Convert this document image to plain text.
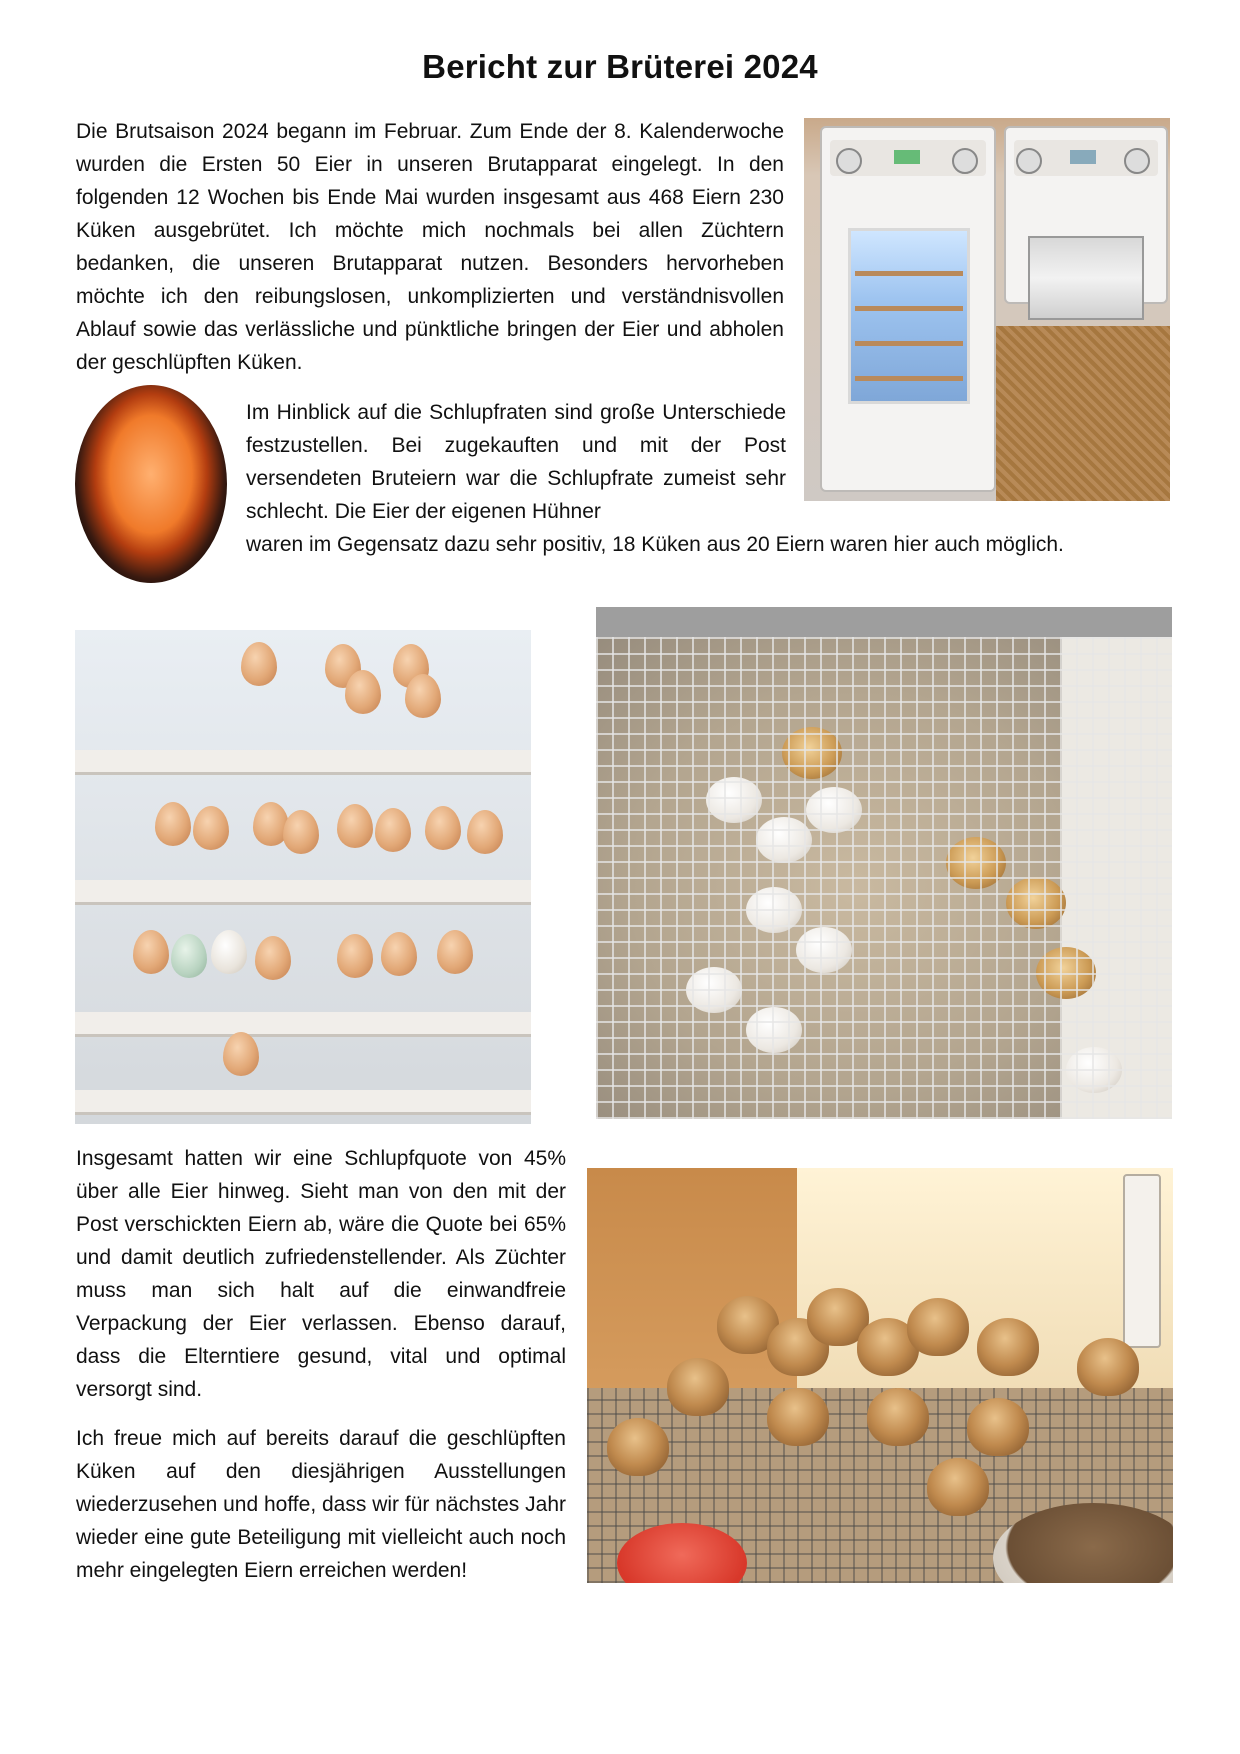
Bericht zur Brüterei 2024

Die Brutsaison 2024 begann im Februar. Zum Ende der 8. Kalenderwoche wurden die Ersten 50 Eier in unseren Brutapparat eingelegt. In den folgenden 12 Wochen bis Ende Mai wurden insgesamt aus 468 Eiern 230 Küken ausgebrütet. Ich möchte mich nochmals bei allen Züchtern bedanken, die unseren Brutapparat nutzen. Besonders hervorheben möchte ich den reibungslosen, unkomplizierten und verständnisvollen Ablauf sowie das verlässliche und pünktliche bringen der Eier und abholen der geschlüpften Küken.

Im Hinblick auf die Schlupfraten sind große Unterschiede festzustellen. Bei zugekauften und mit der Post versendeten Bruteiern war die Schlupfrate zumeist sehr schlecht. Die Eier der eigenen Hühner

waren im Gegensatz dazu sehr positiv, 18 Küken aus 20 Eiern waren hier auch möglich.

Insgesamt hatten wir eine Schlupfquote von 45% über alle Eier hinweg. Sieht man von den mit der Post verschickten Eiern ab, wäre die Quote bei 65% und damit deutlich zufriedenstellender. Als Züchter muss man sich halt auf die einwandfreie Verpackung der Eier verlassen. Ebenso darauf, dass die Elterntiere gesund, vital und optimal versorgt sind.

Ich freue mich auf bereits darauf die geschlüpften Küken auf den diesjährigen Ausstellungen wiederzusehen und hoffe, dass wir für nächstes Jahr wieder eine gute Beteiligung mit vielleicht auch noch mehr eingelegten Eiern erreichen werden!
